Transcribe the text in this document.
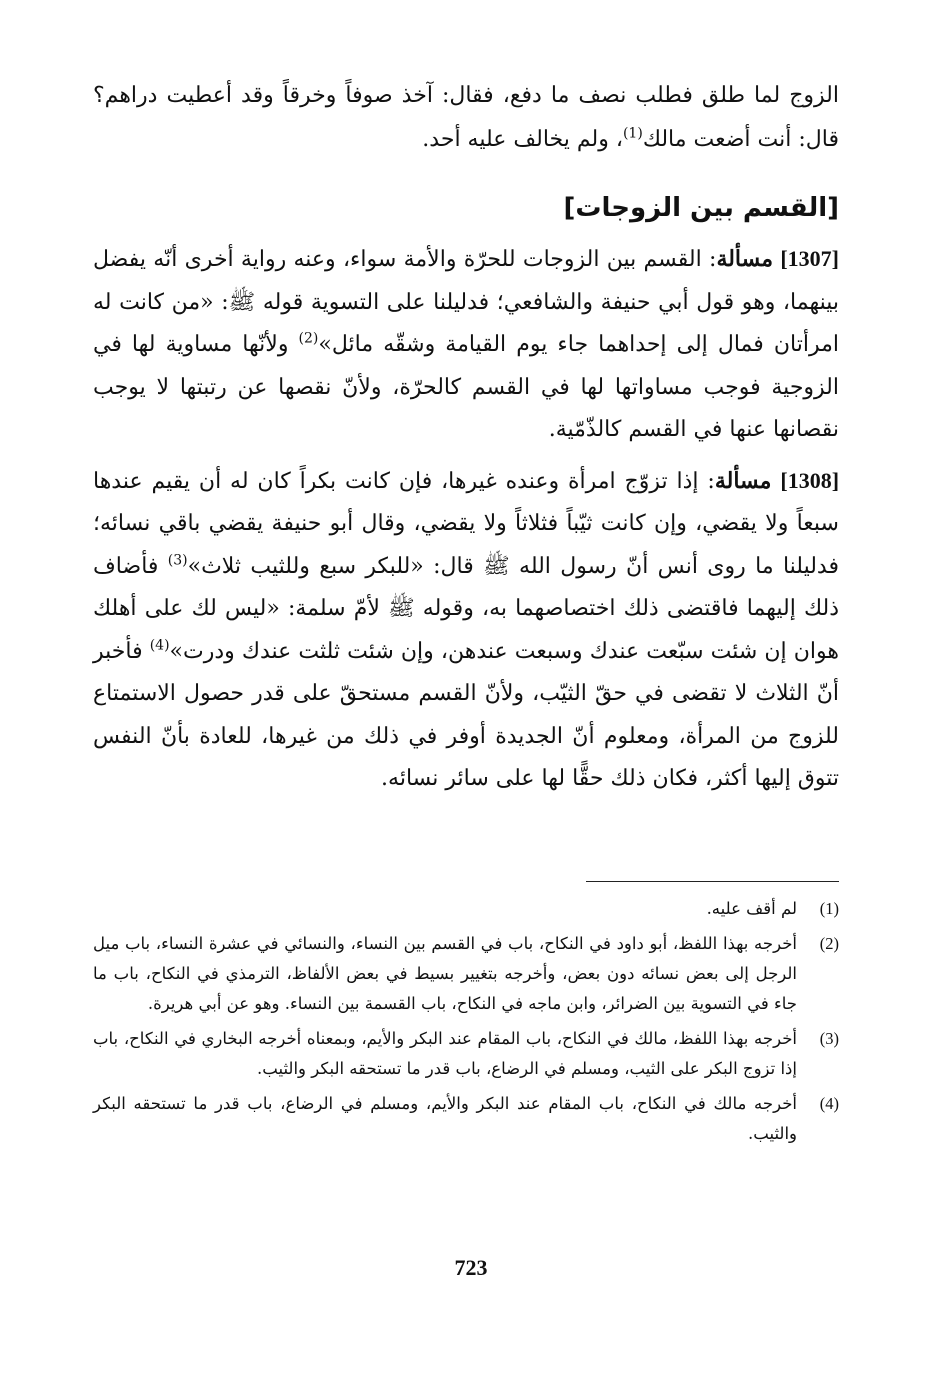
الزوج لما طلق فطلب نصف ما دفع، فقال: آخذ صوفاً وخرقاً وقد أعطيت دراهم؟ قال: أنت أضعت مالك$^{(1)}$، ولم يخالف عليه أحد.

[القسم بين الزوجات]

[1307] مسألة: القسم بين الزوجات للحرّة والأمة سواء، وعنه رواية أخرى أنّه يفضل بينهما، وهو قول أبي حنيفة والشافعي؛ فدليلنا على التسوية قوله ﷺ: «من كانت له امرأتان فمال إلى إحداهما جاء يوم القيامة وشقّه مائل»$^{(2)}$ ولأنّها مساوية لها في الزوجية فوجب مساواتها لها في القسم كالحرّة، ولأنّ نقصها عن رتبتها لا يوجب نقصانها عنها في القسم كالذّمّية.

[1308] مسألة: إذا تزوّج امرأة وعنده غيرها، فإن كانت بكراً كان له أن يقيم عندها سبعاً ولا يقضي، وإن كانت ثيّباً فثلاثاً ولا يقضي، وقال أبو حنيفة يقضي باقي نسائه؛ فدليلنا ما روى أنس أنّ رسول الله ﷺ قال: «للبكر سبع وللثيب ثلاث»$^{(3)}$ فأضاف ذلك إليهما فاقتضى ذلك اختصاصهما به، وقوله ﷺ لأمّ سلمة: «ليس لك على أهلك هوان إن شئت سبّعت عندك وسبعت عندهن، وإن شئت ثلثت عندك ودرت»$^{(4)}$ فأخبر أنّ الثلاث لا تقضى في حقّ الثيّب، ولأنّ القسم مستحقّ على قدر حصول الاستمتاع للزوج من المرأة، ومعلوم أنّ الجديدة أوفر في ذلك من غيرها، للعادة بأنّ النفس تتوق إليها أكثر، فكان ذلك حقًّا لها على سائر نسائه.

(1)
لم أقف عليه.
(2)
أخرجه بهذا اللفظ، أبو داود في النكاح، باب في القسم بين النساء، والنسائي في عشرة النساء، باب ميل الرجل إلى بعض نسائه دون بعض، وأخرجه بتغيير بسيط في بعض الألفاظ، الترمذي في النكاح، باب ما جاء في التسوية بين الضرائر، وابن ماجه في النكاح، باب القسمة بين النساء. وهو عن أبي هريرة.
(3)
أخرجه بهذا اللفظ، مالك في النكاح، باب المقام عند البكر والأيم، وبمعناه أخرجه البخاري في النكاح، باب إذا تزوج البكر على الثيب، ومسلم في الرضاع، باب قدر ما تستحقه البكر والثيب.
(4)
أخرجه مالك في النكاح، باب المقام عند البكر والأيم، ومسلم في الرضاع، باب قدر ما تستحقه البكر والثيب.
723
